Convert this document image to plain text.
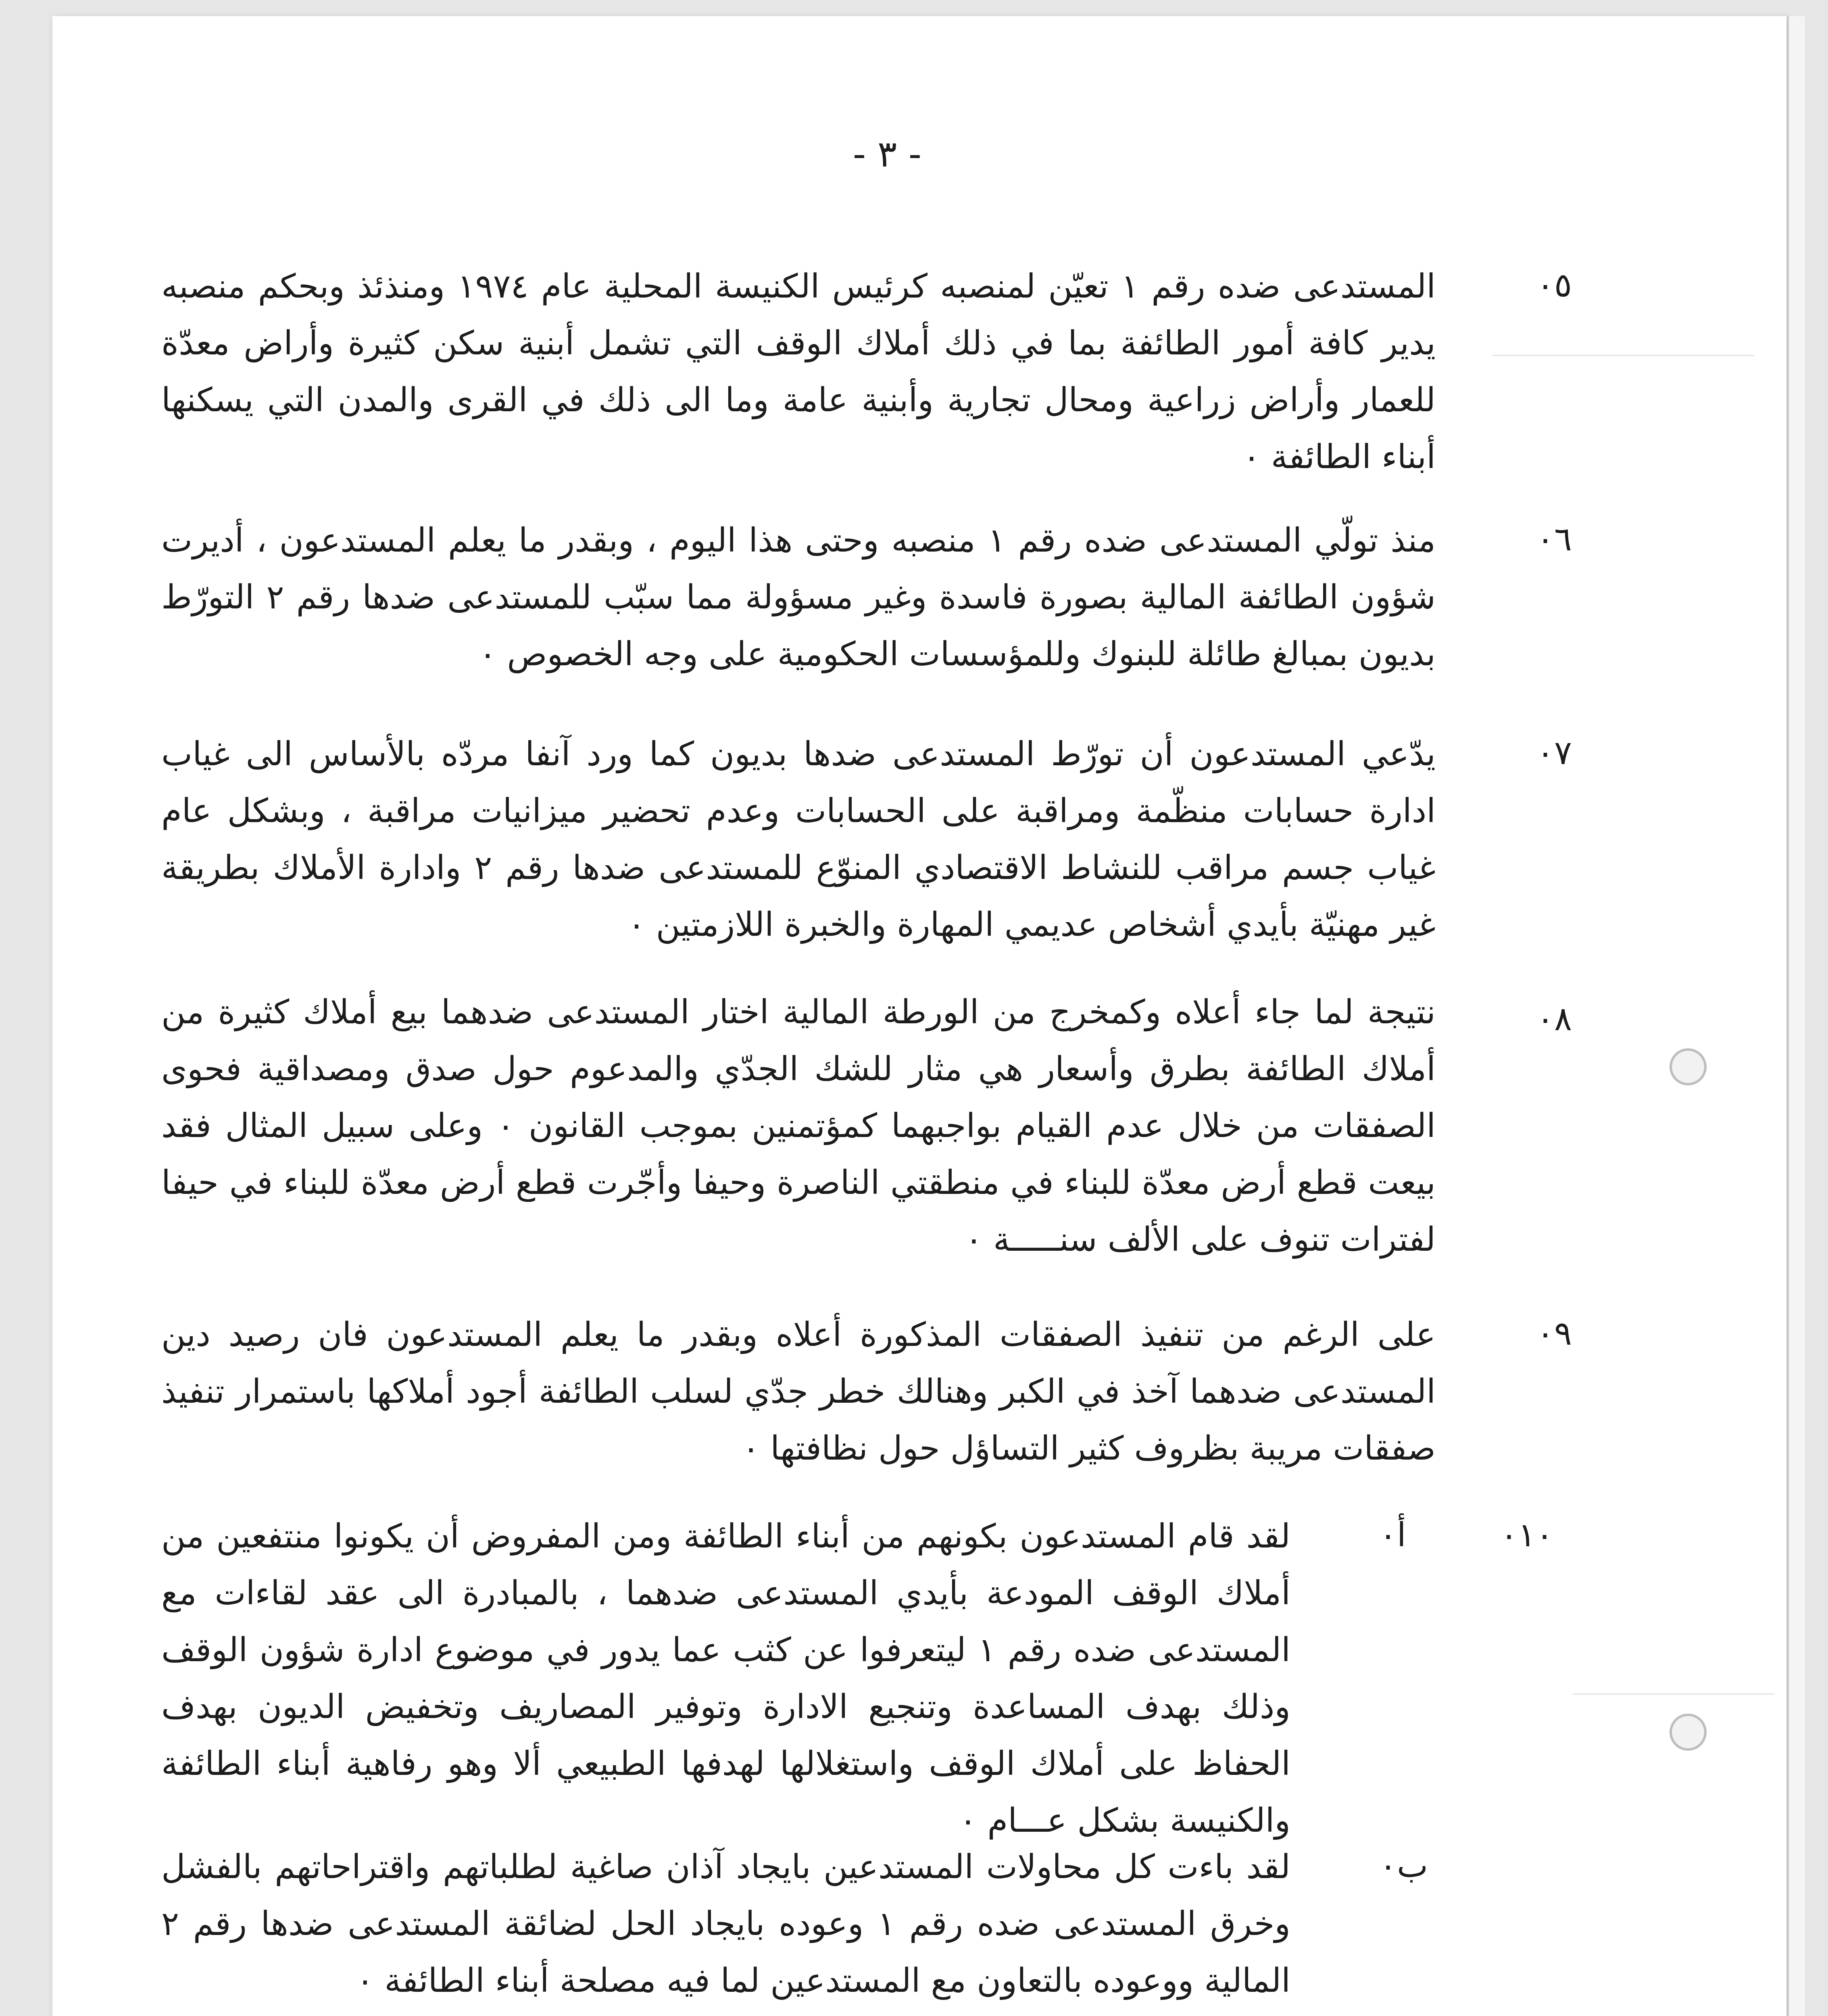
- ٣ -
٠٥
المستدعى ضده رقم ١ تعيّن لمنصبه كرئيس الكنيسة المحلية عام ١٩٧٤ ومنذئذ وبحكم منصبه يدير كافة أمور الطائفة بما في ذلك أملاك الوقف التي تشمل أبنية سكن كثيرة وأراض معدّة للعمار وأراض زراعية ومحال تجارية وأبنية عامة وما الى ذلك في القرى والمدن التي يسكنها أبناء الطائفة ٠
٠٦
منذ تولّي المستدعى ضده رقم ١ منصبه وحتى هذا اليوم ، وبقدر ما يعلم المستدعون ، أديرت شؤون الطائفة المالية بصورة فاسدة وغير مسؤولة مما سبّب للمستدعى ضدها رقم ٢ التورّط بديون بمبالغ طائلة للبنوك وللمؤسسات الحكومية على وجه الخصوص ٠
٠٧
يدّعي المستدعون أن تورّط المستدعى ضدها بديون كما ورد آنفا مردّه بالأساس الى غياب ادارة حسابات منظّمة ومراقبة على الحسابات وعدم تحضير ميزانيات مراقبة ، وبشكل عام غياب جسم مراقب للنشاط الاقتصادي المنوّع للمستدعى ضدها رقم ٢ وادارة الأملاك بطريقة غير مهنيّة بأيدي أشخاص عديمي المهارة والخبرة اللازمتين ٠
٠٨
نتيجة لما جاء أعلاه وكمخرج من الورطة المالية اختار المستدعى ضدهما بيع أملاك كثيرة من أملاك الطائفة بطرق وأسعار هي مثار للشك الجدّي والمدعوم حول صدق ومصداقية فحوى الصفقات من خلال عدم القيام بواجبهما كمؤتمنين بموجب القانون ٠ وعلى سبيل المثال فقد بيعت قطع أرض معدّة للبناء في منطقتي الناصرة وحيفا وأجّرت قطع أرض معدّة للبناء في حيفا لفترات تنوف على الألف سنـــــة ٠
٠٩
على الرغم من تنفيذ الصفقات المذكورة أعلاه وبقدر ما يعلم المستدعون فان رصيد دين المستدعى ضدهما آخذ في الكبر وهنالك خطر جدّي لسلب الطائفة أجود أملاكها باستمرار تنفيذ صفقات مريبة بظروف كثير التساؤل حول نظافتها ٠
٠١٠
أ٠
لقد قام المستدعون بكونهم من أبناء الطائفة ومن المفروض أن يكونوا منتفعين من أملاك الوقف المودعة بأيدي المستدعى ضدهما ، بالمبادرة الى عقد لقاءات مع المستدعى ضده رقم ١ ليتعرفوا عن كثب عما يدور في موضوع ادارة شؤون الوقف وذلك بهدف المساعدة وتنجيع الادارة وتوفير المصاريف وتخفيض الديون بهدف الحفاظ على أملاك الوقف واستغلالها لهدفها الطبيعي ألا وهو رفاهية أبناء الطائفة والكنيسة بشكل عـــام ٠
ب٠
لقد باءت كل محاولات المستدعين بايجاد آذان صاغية لطلباتهم واقتراحاتهم بالفشل وخرق المستدعى ضده رقم ١ وعوده بايجاد الحل لضائقة المستدعى ضدها رقم ٢ المالية ووعوده بالتعاون مع المستدعين لما فيه مصلحة أبناء الطائفة ٠
